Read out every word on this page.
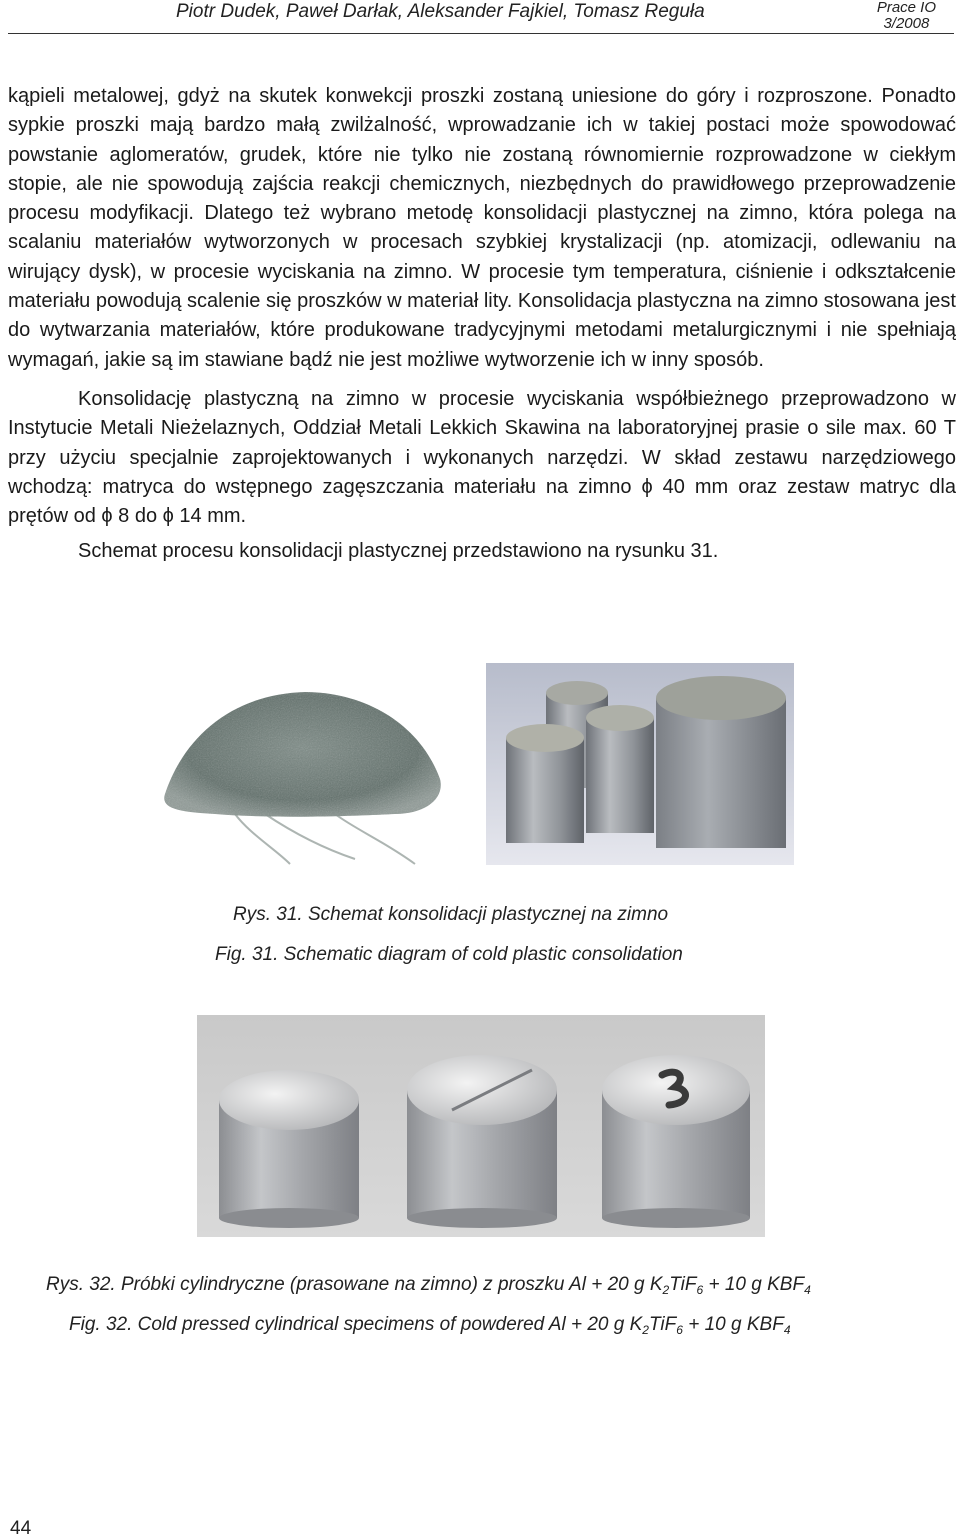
Piotr Dudek, Paweł Darłak, Aleksander Fajkiel, Tomasz Reguła	Prace IO
3/2008

kąpieli metalowej, gdyż na skutek konwekcji proszki zostaną uniesione do góry i rozproszone. Ponadto sypkie proszki mają bardzo małą zwilżalność, wprowadzanie ich w takiej postaci może spowodować powstanie aglomeratów, grudek, które nie tylko nie zostaną równomiernie rozprowadzone w ciekłym stopie, ale nie spowodują zajścia reakcji chemicznych, niezbędnych do prawidłowego przeprowadzenie procesu modyfikacji. Dlatego też wybrano metodę konsolidacji plastycznej na zimno, która polega na scalaniu materiałów wytworzonych w procesach szybkiej krystalizacji (np. atomizacji, odlewaniu na wirujący dysk), w procesie wyciskania na zimno. W procesie tym temperatura, ciśnienie i odkształcenie materiału powodują scalenie się proszków w materiał lity. Konsolidacja plastyczna na zimno stosowana jest do wytwarzania materiałów, które produkowane tradycyjnymi metodami metalurgicznymi i nie spełniają wymagań, jakie są im stawiane bądź nie jest możliwe wytworzenie ich w inny sposób.

Konsolidację plastyczną na zimno w procesie wyciskania współbieżnego przeprowadzono w Instytucie Metali Nieżelaznych, Oddział Metali Lekkich Skawina na laboratoryjnej prasie o sile max. 60 T przy użyciu specjalnie zaprojektowanych i wykonanych narzędzi. W skład zestawu narzędziowego wchodzą: matryca do wstępnego zagęszczania materiału na zimno ϕ 40 mm oraz zestaw matryc dla prętów od ϕ 8 do ϕ 14 mm.

Schemat procesu konsolidacji plastycznej przedstawiono na rysunku 31.

Rys. 31. Schemat konsolidacji plastycznej na zimno
Fig. 31. Schematic diagram of cold plastic consolidation
Rys. 32. Próbki cylindryczne (prasowane na zimno) z proszku Al + 20 g $K_2TiF_6 + 10$ g $KBF_4$
Fig. 32. Cold pressed cylindrical specimens of powdered Al + 20 g $K_2TiF_6 + 10$ g $KBF_4$
44
